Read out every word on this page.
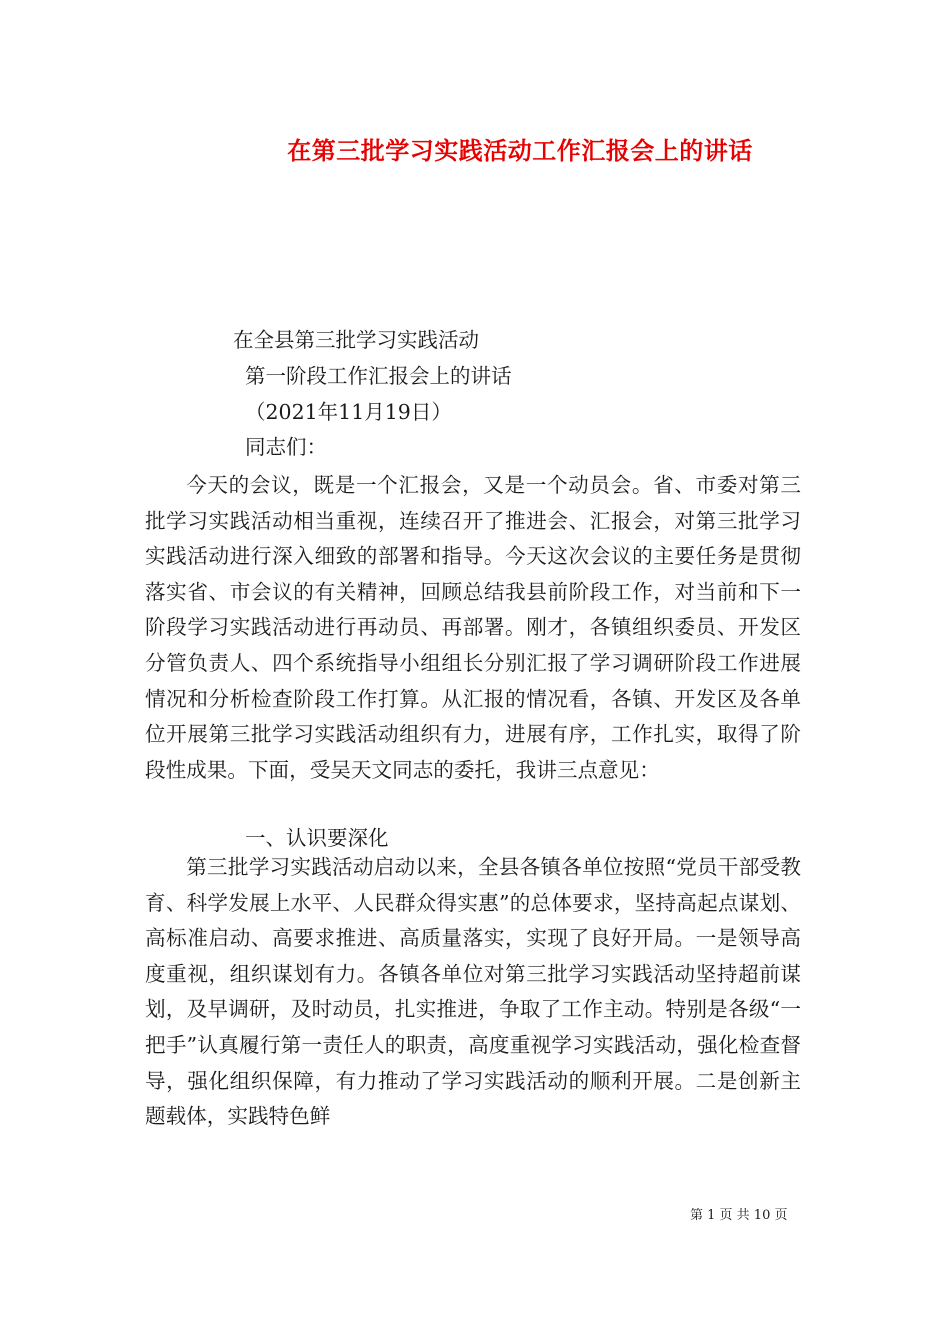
在第三批学习实践活动工作汇报会上的讲话
在全县第三批学习实践活动
第一阶段工作汇报会上的讲话
（2021年11月19日）
同志们：

今天的会议，既是一个汇报会，又是一个动员会。省、市委对第三批学习实践活动相当重视，连续召开了推进会、汇报会，对第三批学习实践活动进行深入细致的部署和指导。今天这次会议的主要任务是贯彻落实省、市会议的有关精神，回顾总结我县前阶段工作，对当前和下一阶段学习实践活动进行再动员、再部署。刚才，各镇组织委员、开发区分管负责人、四个系统指导小组组长分别汇报了学习调研阶段工作进展情况和分析检查阶段工作打算。从汇报的情况看，各镇、开发区及各单位开展第三批学习实践活动组织有力，进展有序，工作扎实，取得了阶段性成果。下面，受吴天文同志的委托，我讲三点意见：

一、认识要深化

第三批学习实践活动启动以来，全县各镇各单位按照“党员干部受教育、科学发展上水平、人民群众得实惠”的总体要求，坚持高起点谋划、高标准启动、高要求推进、高质量落实，实现了良好开局。一是领导高度重视，组织谋划有力。各镇各单位对第三批学习实践活动坚持超前谋划，及早调研，及时动员，扎实推进，争取了工作主动。特别是各级“一把手”认真履行第一责任人的职责，高度重视学习实践活动，强化检查督导，强化组织保障，有力推动了学习实践活动的顺利开展。二是创新主题载体，实践特色鲜

第 1 页 共 10 页
